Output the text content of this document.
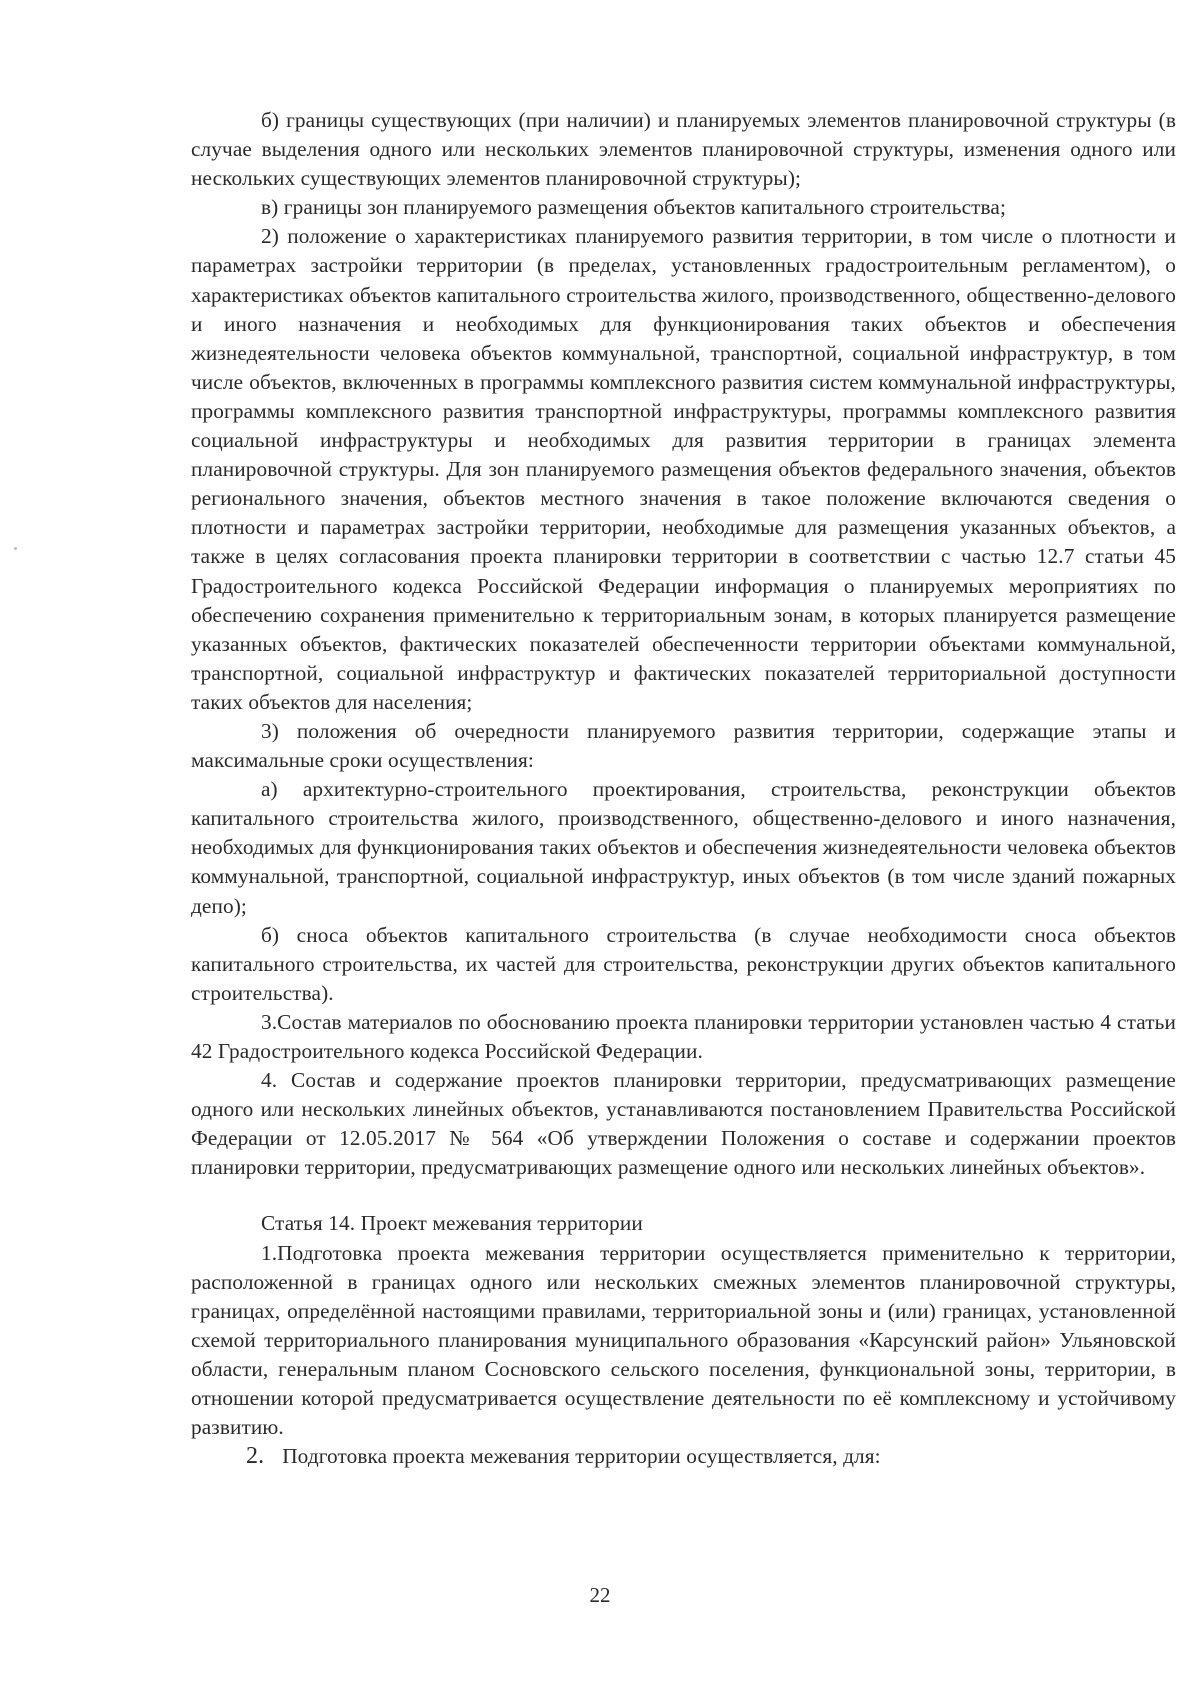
б) границы существующих (при наличии) и планируемых элементов планировочной структуры (в случае выделения одного или нескольких элементов планировочной структуры, изменения одного или нескольких существующих элементов планировочной структуры);

в) границы зон планируемого размещения объектов капитального строительства;

2) положение о характеристиках планируемого развития территории, в том числе о плотности и параметрах застройки территории (в пределах, установленных градостроительным регламентом), о характеристиках объектов капитального строительства жилого, производственного, общественно-делового и иного назначения и необходимых для функционирования таких объектов и обеспечения жизнедеятельности человека объектов коммунальной, транспортной, социальной инфраструктур, в том числе объектов, включенных в программы комплексного развития систем коммунальной инфраструктуры, программы комплексного развития транспортной инфраструктуры, программы комплексного развития социальной инфраструктуры и необходимых для развития территории в границах элемента планировочной структуры. Для зон планируемого размещения объектов федерального значения, объектов регионального значения, объектов местного значения в такое положение включаются сведения о плотности и параметрах застройки территории, необходимые для размещения указанных объектов, а также в целях согласования проекта планировки территории в соответствии с частью 12.7 статьи 45 Градостроительного кодекса Российской Федерации информация о планируемых мероприятиях по обеспечению сохранения применительно к территориальным зонам, в которых планируется размещение указанных объектов, фактических показателей обеспеченности территории объектами коммунальной, транспортной, социальной инфраструктур и фактических показателей территориальной доступности таких объектов для населения;

3) положения об очередности планируемого развития территории, содержащие этапы и максимальные сроки осуществления:

а) архитектурно-строительного проектирования, строительства, реконструкции объектов капитального строительства жилого, производственного, общественно-делового и иного назначения, необходимых для функционирования таких объектов и обеспечения жизнедеятельности человека объектов коммунальной, транспортной, социальной инфраструктур, иных объектов (в том числе зданий пожарных депо);

б) сноса объектов капитального строительства (в случае необходимости сноса объектов капитального строительства, их частей для строительства, реконструкции других объектов капитального строительства).

3.Состав материалов по обоснованию проекта планировки территории установлен частью 4 статьи 42 Градостроительного кодекса Российской Федерации.

4. Состав и содержание проектов планировки территории, предусматривающих размещение одного или нескольких линейных объектов, устанавливаются постановлением Правительства Российской Федерации от 12.05.2017 № 564 «Об утверждении Положения о составе и содержании проектов планировки территории, предусматривающих размещение одного или нескольких линейных объектов».

Статья 14. Проект межевания территории

1.Подготовка проекта межевания территории осуществляется применительно к территории, расположенной в границах одного или нескольких смежных элементов планировочной структуры, границах, определённой настоящими правилами, территориальной зоны и (или) границах, установленной схемой территориального планирования муниципального образования «Карсунский район» Ульяновской области, генеральным планом Сосновского сельского поселения, функциональной зоны, территории, в отношении которой предусматривается осуществление деятельности по её комплексному и устойчивому развитию.

2. Подготовка проекта межевания территории осуществляется, для:

22
